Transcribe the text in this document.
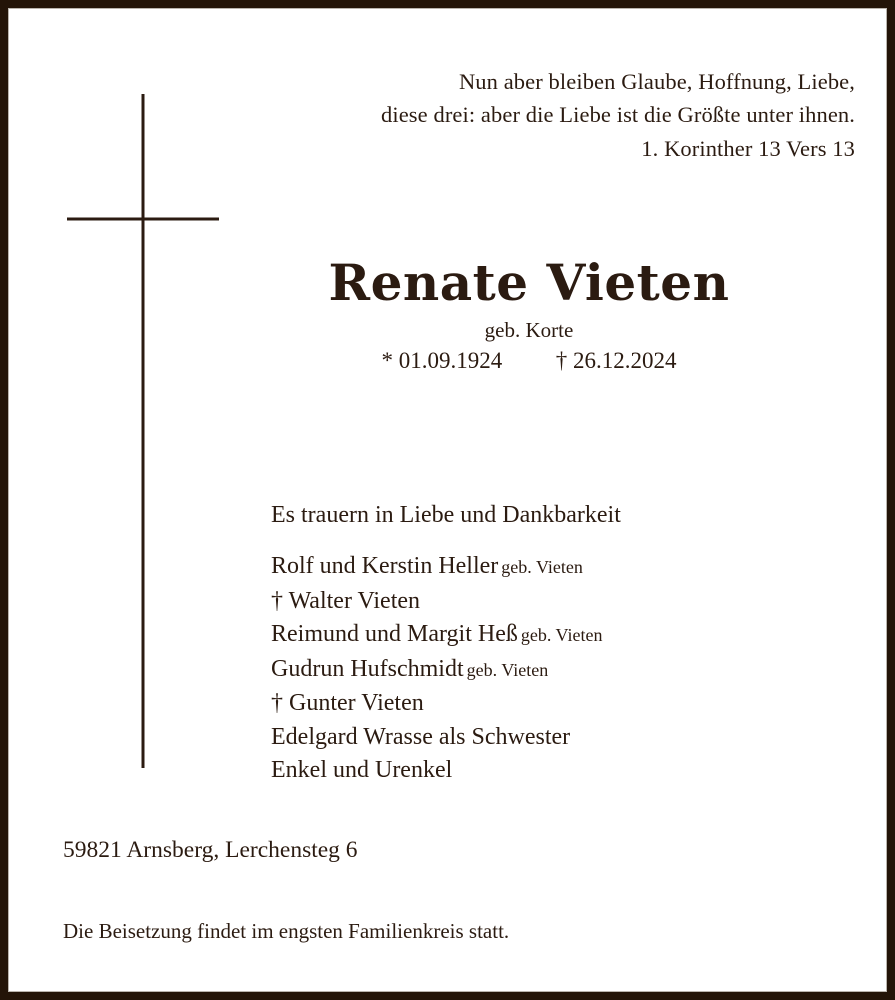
Nun aber bleiben Glaube, Hoffnung, Liebe,
diese drei: aber die Liebe ist die Größte unter ihnen.
1. Korinther 13 Vers 13
Renate Vieten
geb. Korte
* 01.09.1924 † 26.12.2024
Es trauern in Liebe und Dankbarkeit
Rolf und Kerstin Heller geb. Vieten
† Walter Vieten
Reimund und Margit Heß geb. Vieten
Gudrun Hufschmidt geb. Vieten
† Gunter Vieten
Edelgard Wrasse als Schwester
Enkel und Urenkel
59821 Arnsberg, Lerchensteg 6
Die Beisetzung findet im engsten Familienkreis statt.
